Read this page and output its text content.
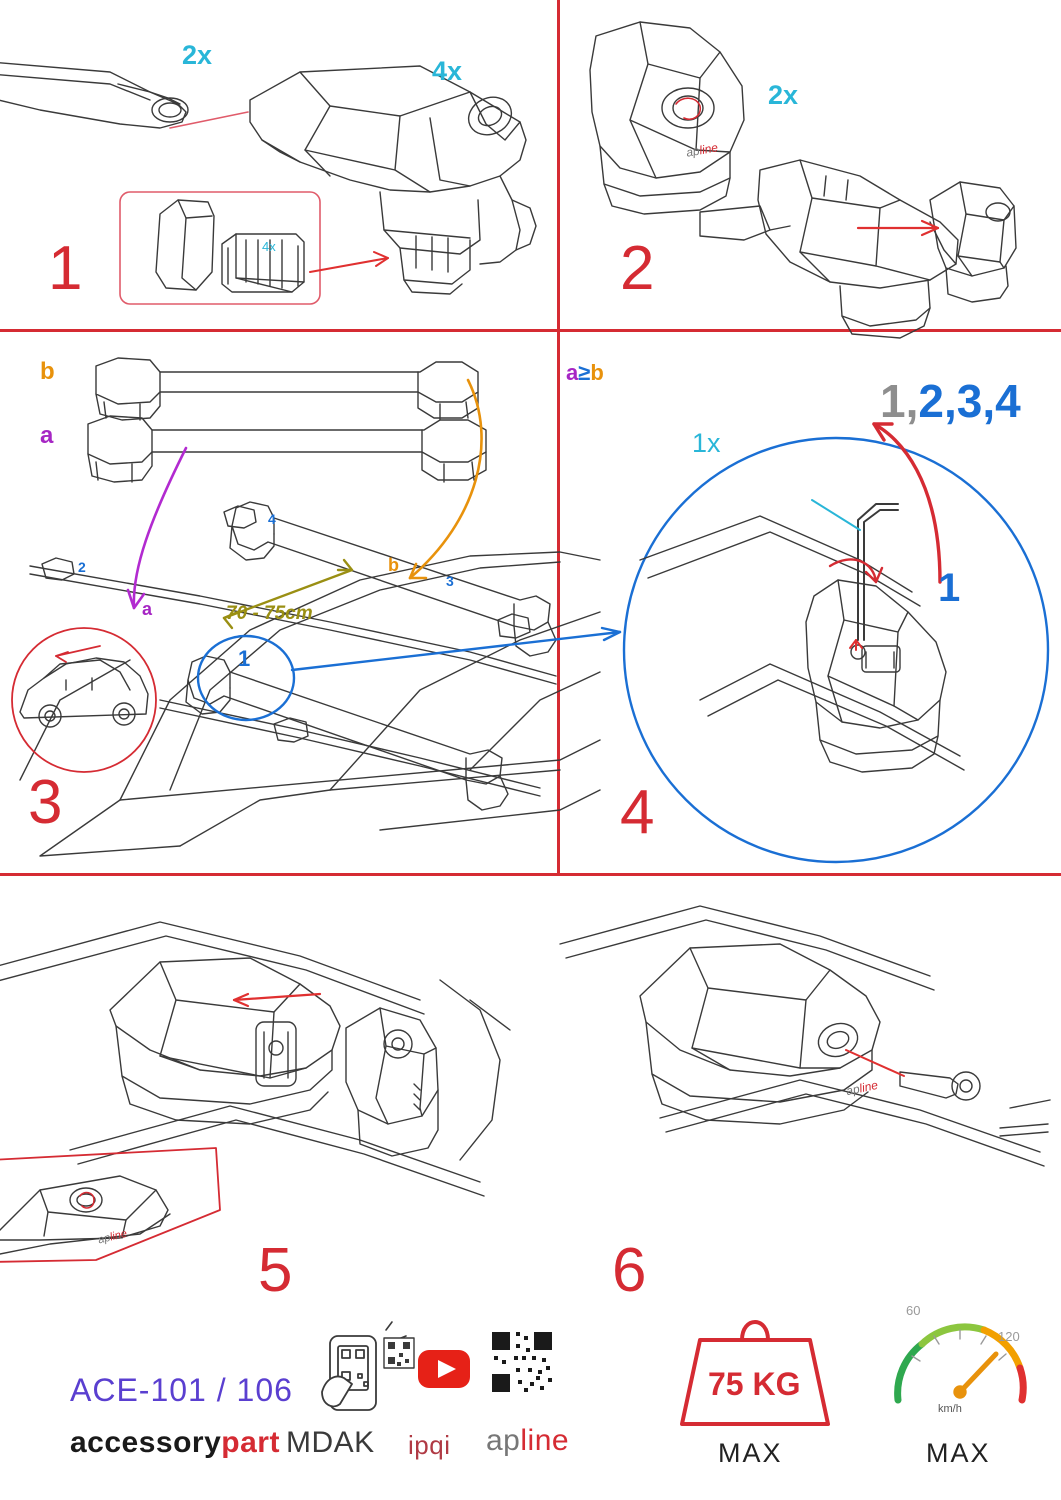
2x
4x
4x
1
2x
2
b
a
a
b
a≥b
70 - 75cm
2
4
3
1
3
1x
1,2,3,4
1
4
5	6
apline
apline
apline
ACE-101 / 106
accessorypart MDAK ipqi apline
75 KG
MAX	MAX
km/h
60
120
